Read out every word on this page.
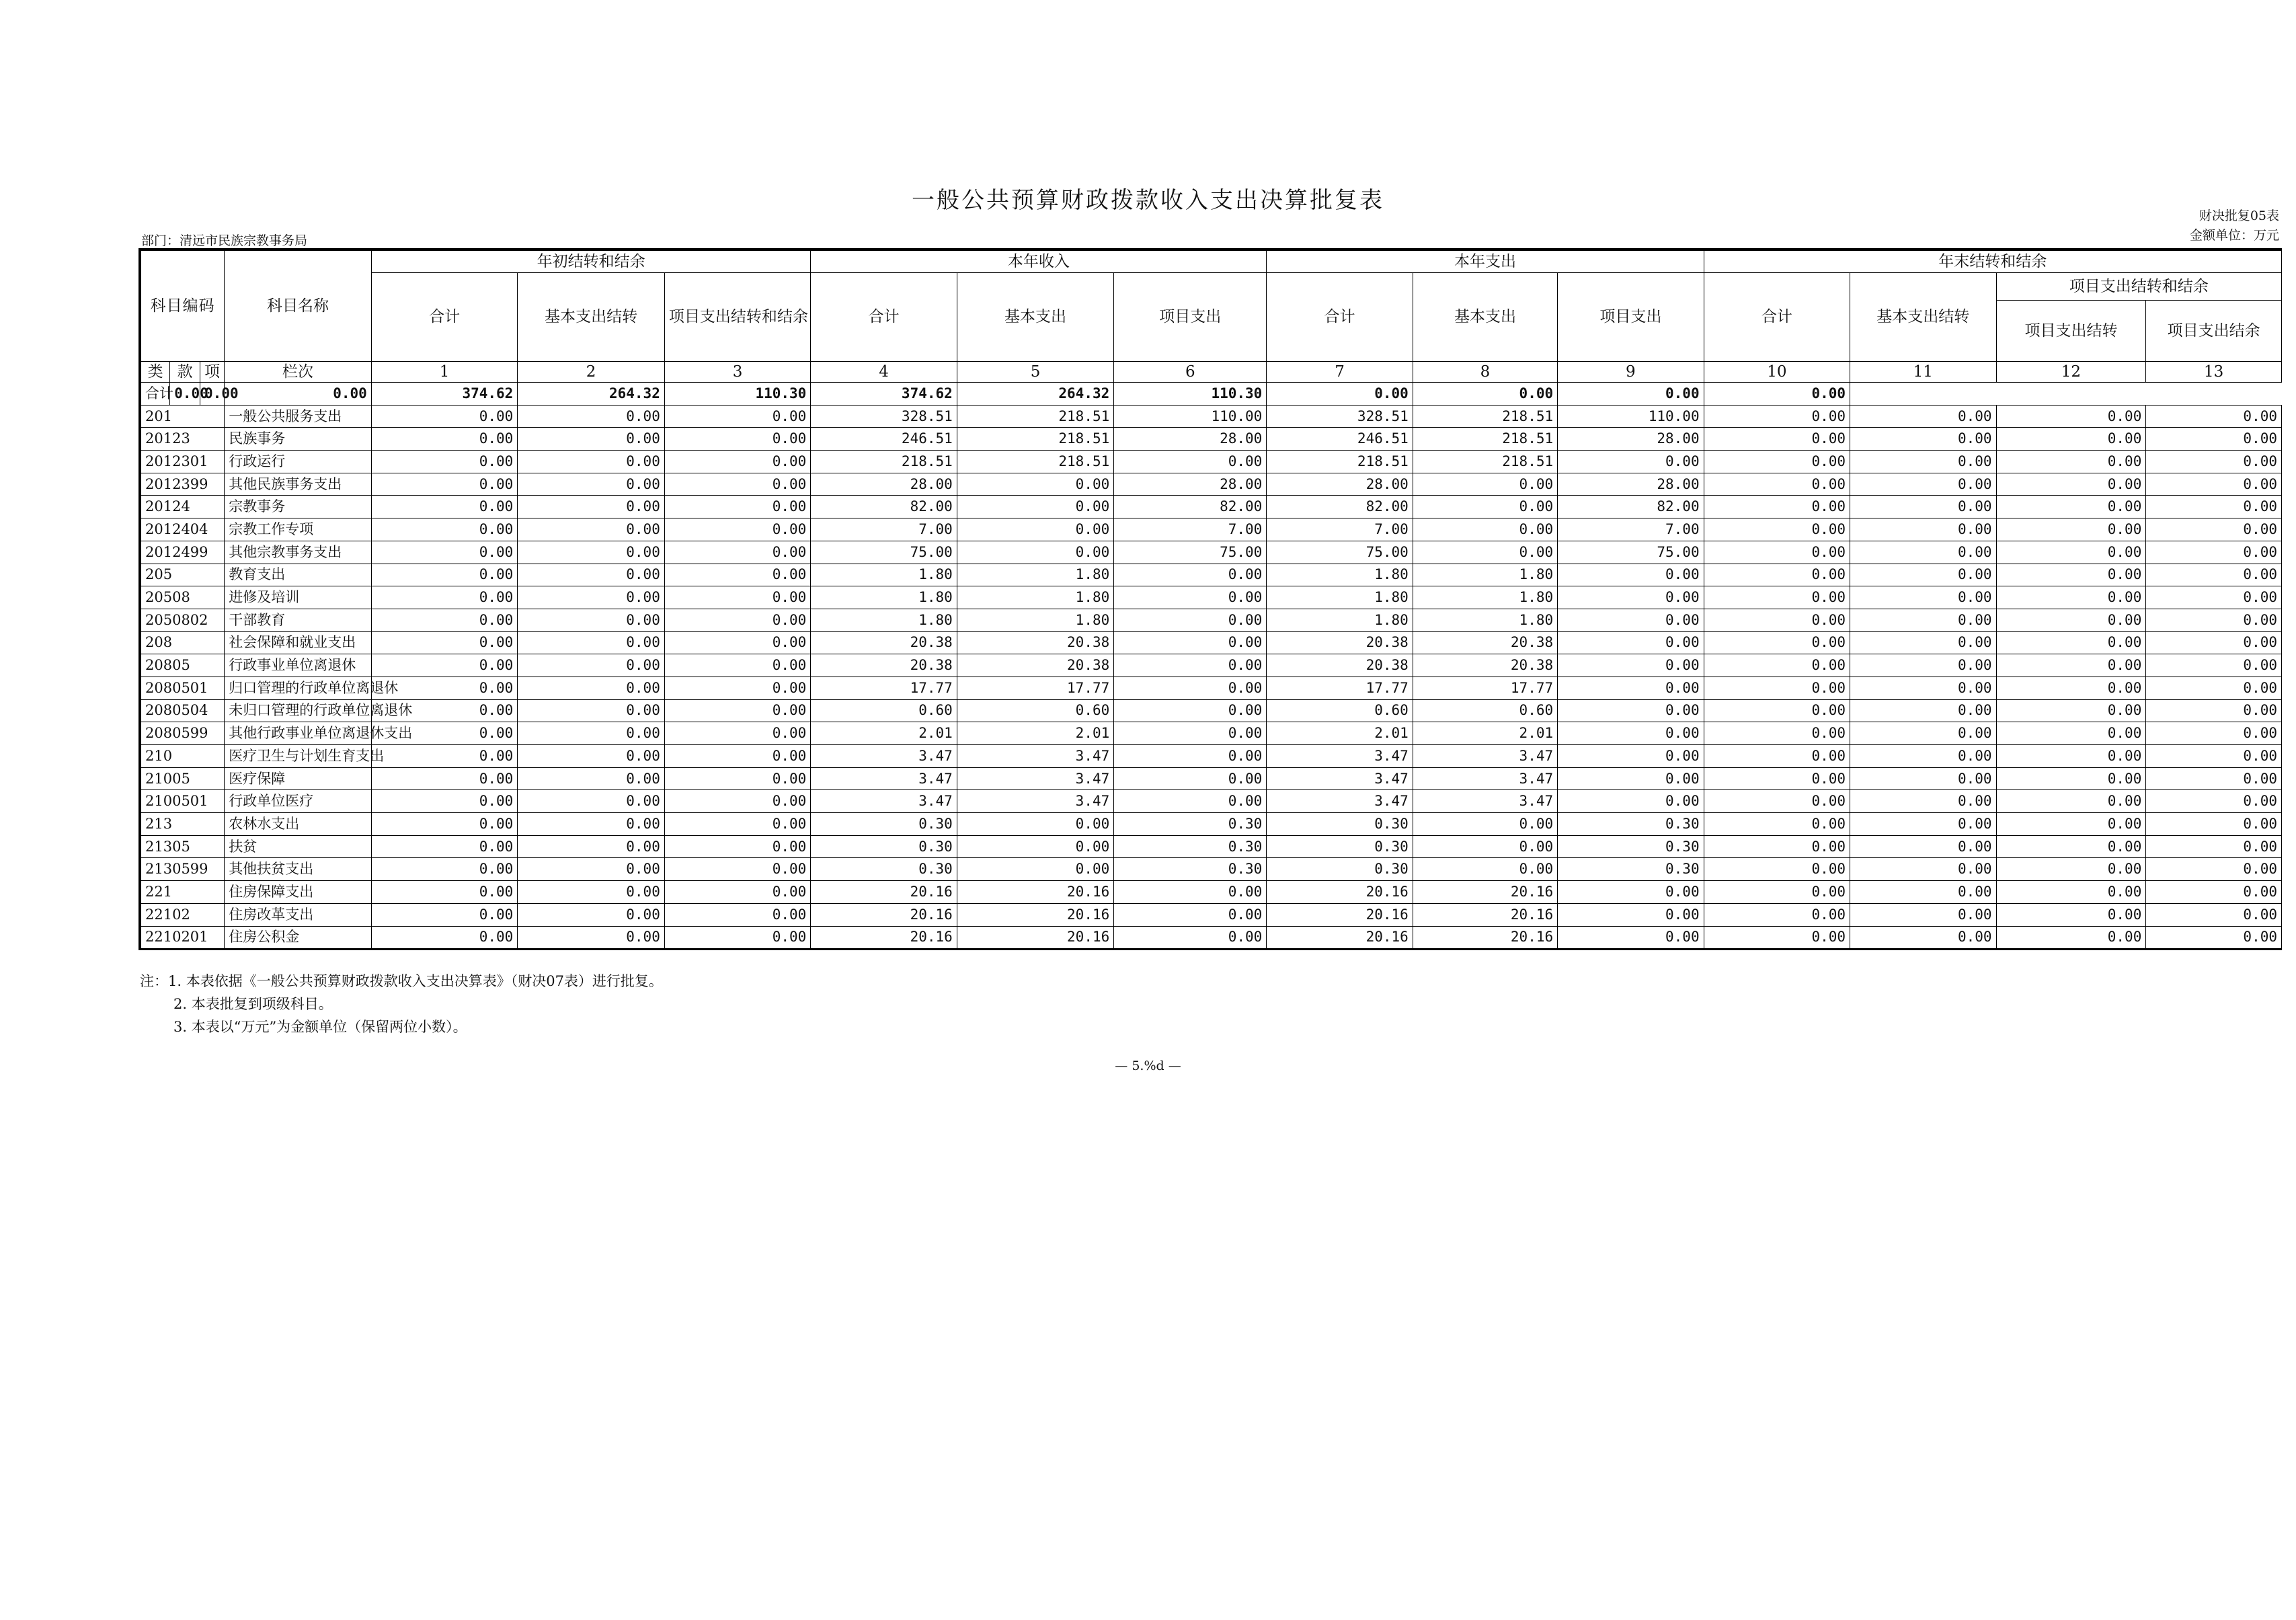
一般公共预算财政拨款收入支出决算批复表
财决批复05表
金额单位：万元
部门：清远市民族宗教事务局
科目编码			科目名称	年初结转和结余			本年收入			本年支出			年末结转和结余			
				合计	基本支出结转	项目支出结转和结余	合计	基本支出	项目支出	合计	基本支出	项目支出	合计	基本支出结转	项目支出结转和结余	
															项目支出结转	项目支出结余
类	款	项	栏次	1	2	3	4	5	6	7	8	9	10	11	12	13
合计	0.00	0.00	0.00	374.62	264.32	110.30	374.62	264.32	110.30	0.00	0.00	0.00	0.00			
201			一般公共服务支出	0.00	0.00	0.00	328.51	218.51	110.00	328.51	218.51	110.00	0.00	0.00	0.00	0.00
20123			民族事务	0.00	0.00	0.00	246.51	218.51	28.00	246.51	218.51	28.00	0.00	0.00	0.00	0.00
2012301			行政运行	0.00	0.00	0.00	218.51	218.51	0.00	218.51	218.51	0.00	0.00	0.00	0.00	0.00
2012399			其他民族事务支出	0.00	0.00	0.00	28.00	0.00	28.00	28.00	0.00	28.00	0.00	0.00	0.00	0.00
20124			宗教事务	0.00	0.00	0.00	82.00	0.00	82.00	82.00	0.00	82.00	0.00	0.00	0.00	0.00
2012404			宗教工作专项	0.00	0.00	0.00	7.00	0.00	7.00	7.00	0.00	7.00	0.00	0.00	0.00	0.00
2012499			其他宗教事务支出	0.00	0.00	0.00	75.00	0.00	75.00	75.00	0.00	75.00	0.00	0.00	0.00	0.00
205			教育支出	0.00	0.00	0.00	1.80	1.80	0.00	1.80	1.80	0.00	0.00	0.00	0.00	0.00
20508			进修及培训	0.00	0.00	0.00	1.80	1.80	0.00	1.80	1.80	0.00	0.00	0.00	0.00	0.00
2050802			干部教育	0.00	0.00	0.00	1.80	1.80	0.00	1.80	1.80	0.00	0.00	0.00	0.00	0.00
208			社会保障和就业支出	0.00	0.00	0.00	20.38	20.38	0.00	20.38	20.38	0.00	0.00	0.00	0.00	0.00
20805			行政事业单位离退休	0.00	0.00	0.00	20.38	20.38	0.00	20.38	20.38	0.00	0.00	0.00	0.00	0.00
2080501			归口管理的行政单位离退休	0.00	0.00	0.00	17.77	17.77	0.00	17.77	17.77	0.00	0.00	0.00	0.00	0.00
2080504			未归口管理的行政单位离退休	0.00	0.00	0.00	0.60	0.60	0.00	0.60	0.60	0.00	0.00	0.00	0.00	0.00
2080599			其他行政事业单位离退休支出	0.00	0.00	0.00	2.01	2.01	0.00	2.01	2.01	0.00	0.00	0.00	0.00	0.00
210			医疗卫生与计划生育支出	0.00	0.00	0.00	3.47	3.47	0.00	3.47	3.47	0.00	0.00	0.00	0.00	0.00
21005			医疗保障	0.00	0.00	0.00	3.47	3.47	0.00	3.47	3.47	0.00	0.00	0.00	0.00	0.00
2100501			行政单位医疗	0.00	0.00	0.00	3.47	3.47	0.00	3.47	3.47	0.00	0.00	0.00	0.00	0.00
213			农林水支出	0.00	0.00	0.00	0.30	0.00	0.30	0.30	0.00	0.30	0.00	0.00	0.00	0.00
21305			扶贫	0.00	0.00	0.00	0.30	0.00	0.30	0.30	0.00	0.30	0.00	0.00	0.00	0.00
2130599			其他扶贫支出	0.00	0.00	0.00	0.30	0.00	0.30	0.30	0.00	0.30	0.00	0.00	0.00	0.00
221			住房保障支出	0.00	0.00	0.00	20.16	20.16	0.00	20.16	20.16	0.00	0.00	0.00	0.00	0.00
22102			住房改革支出	0.00	0.00	0.00	20.16	20.16	0.00	20.16	20.16	0.00	0.00	0.00	0.00	0.00
2210201			住房公积金	0.00	0.00	0.00	20.16	20.16	0.00	20.16	20.16	0.00	0.00	0.00	0.00	0.00
注：1. 本表依据《一般公共预算财政拨款收入支出决算表》（财决07表）进行批复。
2. 本表批复到项级科目。
3. 本表以“万元”为金额单位（保留两位小数）。
— 5.%d —
